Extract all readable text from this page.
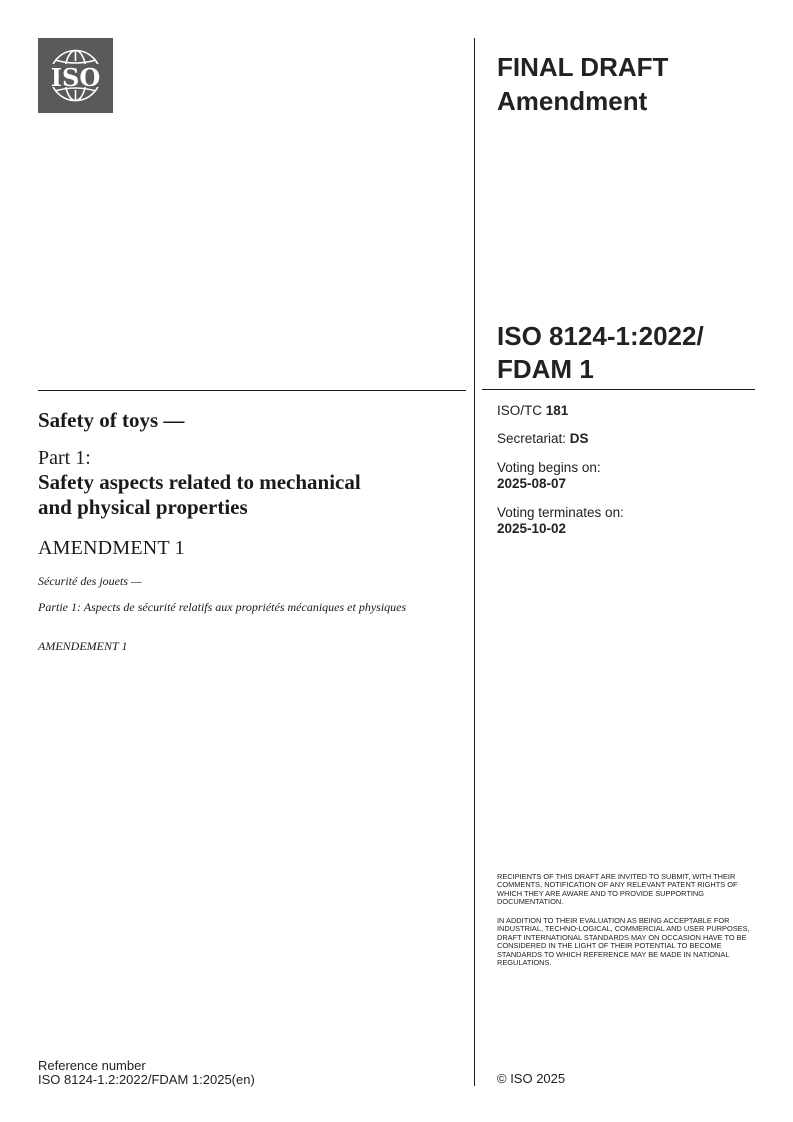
ISO	FINAL DRAFT
Amendment
ISO 8124-1:2022/
FDAM 1
ISO/TC 181
Secretariat: DS
Voting begins on:
2025-08-07
Voting terminates on:
2025-10-02
Safety of toys —
Part 1:
Safety aspects related to mechanical
and physical properties
AMENDMENT 1
Sécurité des jouets —
Partie 1: Aspects de sécurité relatifs aux propriétés mécaniques et physiques
AMENDEMENT 1
RECIPIENTS OF THIS DRAFT ARE INVITED TO SUBMIT, WITH THEIR COMMENTS, NOTIFICATION OF ANY RELEVANT PATENT RIGHTS OF WHICH THEY ARE AWARE AND TO PROVIDE SUPPORTING DOCUMENTATION.
IN ADDITION TO THEIR EVALUATION AS BEING ACCEPTABLE FOR INDUSTRIAL, TECHNO-LOGICAL, COMMERCIAL AND USER PURPOSES, DRAFT INTERNATIONAL STANDARDS MAY ON OCCASION HAVE TO BE CONSIDERED IN THE LIGHT OF THEIR POTENTIAL TO BECOME STANDARDS TO WHICH REFERENCE MAY BE MADE IN NATIONAL REGULATIONS.
Reference number
ISO 8124-1.2:2022/FDAM 1:2025(en)	© ISO 2025
